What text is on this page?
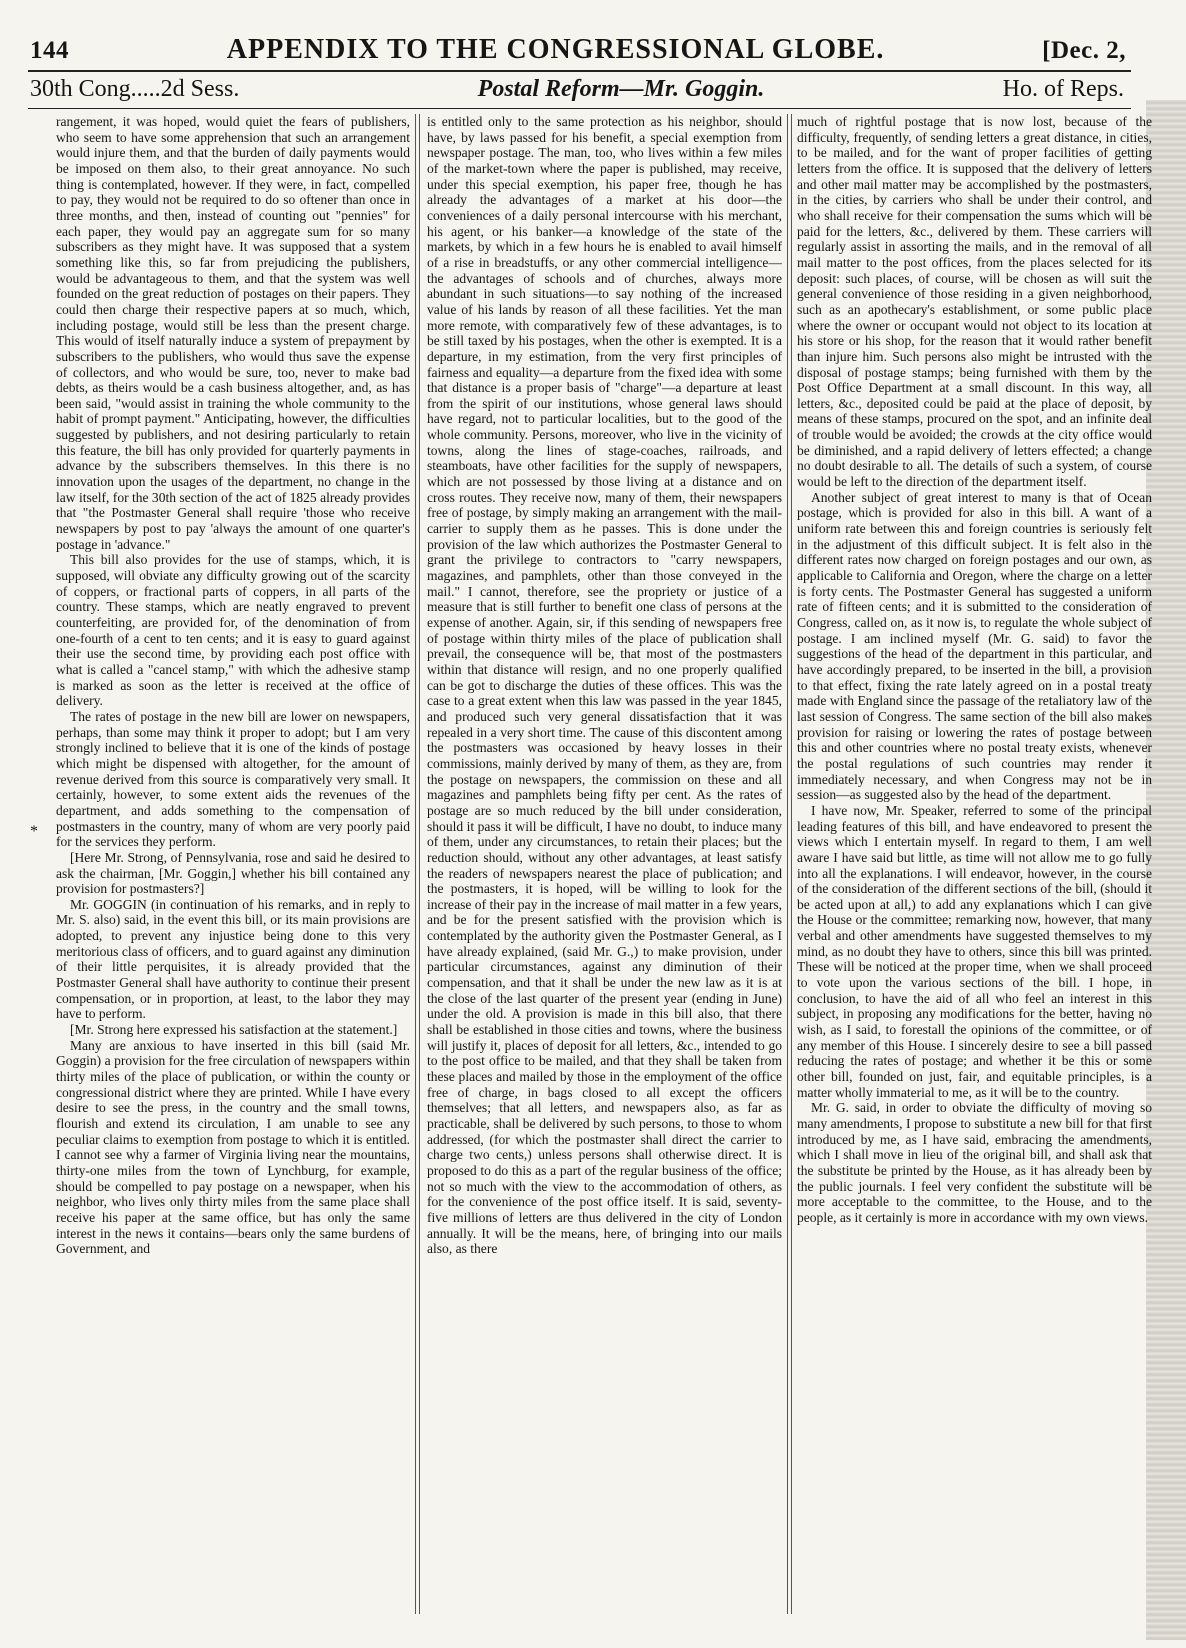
144	APPENDIX TO THE CONGRESSIONAL GLOBE.	[Dec. 2,
30th Cong.....2d Sess.	Postal Reform—Mr. Goggin.	Ho. of Reps.
*

rangement, it was hoped, would quiet the fears of publishers, who seem to have some apprehension that such an arrangement would injure them, and that the burden of daily payments would be imposed on them also, to their great annoyance. No such thing is contemplated, however. If they were, in fact, compelled to pay, they would not be required to do so oftener than once in three months, and then, instead of counting out "pennies" for each paper, they would pay an aggregate sum for so many subscribers as they might have. It was supposed that a system something like this, so far from prejudicing the publishers, would be advantageous to them, and that the system was well founded on the great reduction of postages on their papers. They could then charge their respective papers at so much, which, including postage, would still be less than the present charge. This would of itself naturally induce a system of prepayment by subscribers to the publishers, who would thus save the expense of collectors, and who would be sure, too, never to make bad debts, as theirs would be a cash business altogether, and, as has been said, "would assist in training the whole community to the habit of prompt payment." Anticipating, however, the difficulties suggested by publishers, and not desiring particularly to retain this feature, the bill has only provided for quarterly payments in advance by the subscribers themselves. In this there is no innovation upon the usages of the department, no change in the law itself, for the 30th section of the act of 1825 already provides that "the Postmaster General shall require 'those who receive newspapers by post to pay 'always the amount of one quarter's postage in 'advance."

This bill also provides for the use of stamps, which, it is supposed, will obviate any difficulty growing out of the scarcity of coppers, or fractional parts of coppers, in all parts of the country. These stamps, which are neatly engraved to prevent counterfeiting, are provided for, of the denomination of from one-fourth of a cent to ten cents; and it is easy to guard against their use the second time, by providing each post office with what is called a "cancel stamp," with which the adhesive stamp is marked as soon as the letter is received at the office of delivery.

The rates of postage in the new bill are lower on newspapers, perhaps, than some may think it proper to adopt; but I am very strongly inclined to believe that it is one of the kinds of postage which might be dispensed with altogether, for the amount of revenue derived from this source is comparatively very small. It certainly, however, to some extent aids the revenues of the department, and adds something to the compensation of postmasters in the country, many of whom are very poorly paid for the services they perform.

[Here Mr. Strong, of Pennsylvania, rose and said he desired to ask the chairman, [Mr. Goggin,] whether his bill contained any provision for postmasters?]

Mr. GOGGIN (in continuation of his remarks, and in reply to Mr. S. also) said, in the event this bill, or its main provisions are adopted, to prevent any injustice being done to this very meritorious class of officers, and to guard against any diminution of their little perquisites, it is already provided that the Postmaster General shall have authority to continue their present compensation, or in proportion, at least, to the labor they may have to perform.

[Mr. Strong here expressed his satisfaction at the statement.]

Many are anxious to have inserted in this bill (said Mr. Goggin) a provision for the free circulation of newspapers within thirty miles of the place of publication, or within the county or congressional district where they are printed. While I have every desire to see the press, in the country and the small towns, flourish and extend its circulation, I am unable to see any peculiar claims to exemption from postage to which it is entitled. I cannot see why a farmer of Virginia living near the mountains, thirty-one miles from the town of Lynchburg, for example, should be compelled to pay postage on a newspaper, when his neighbor, who lives only thirty miles from the same place shall receive his paper at the same office, but has only the same interest in the news it contains—bears only the same burdens of Government, and

is entitled only to the same protection as his neighbor, should have, by laws passed for his benefit, a special exemption from newspaper postage. The man, too, who lives within a few miles of the market-town where the paper is published, may receive, under this special exemption, his paper free, though he has already the advantages of a market at his door—the conveniences of a daily personal intercourse with his merchant, his agent, or his banker—a knowledge of the state of the markets, by which in a few hours he is enabled to avail himself of a rise in breadstuffs, or any other commercial intelligence—the advantages of schools and of churches, always more abundant in such situations—to say nothing of the increased value of his lands by reason of all these facilities. Yet the man more remote, with comparatively few of these advantages, is to be still taxed by his postages, when the other is exempted. It is a departure, in my estimation, from the very first principles of fairness and equality—a departure from the fixed idea with some that distance is a proper basis of "charge"—a departure at least from the spirit of our institutions, whose general laws should have regard, not to particular localities, but to the good of the whole community. Persons, moreover, who live in the vicinity of towns, along the lines of stage-coaches, railroads, and steamboats, have other facilities for the supply of newspapers, which are not possessed by those living at a distance and on cross routes. They receive now, many of them, their newspapers free of postage, by simply making an arrangement with the mail-carrier to supply them as he passes. This is done under the provision of the law which authorizes the Postmaster General to grant the privilege to contractors to "carry newspapers, magazines, and pamphlets, other than those conveyed in the mail." I cannot, therefore, see the propriety or justice of a measure that is still further to benefit one class of persons at the expense of another. Again, sir, if this sending of newspapers free of postage within thirty miles of the place of publication shall prevail, the consequence will be, that most of the postmasters within that distance will resign, and no one properly qualified can be got to discharge the duties of these offices. This was the case to a great extent when this law was passed in the year 1845, and produced such very general dissatisfaction that it was repealed in a very short time. The cause of this discontent among the postmasters was occasioned by heavy losses in their commissions, mainly derived by many of them, as they are, from the postage on newspapers, the commission on these and all magazines and pamphlets being fifty per cent. As the rates of postage are so much reduced by the bill under consideration, should it pass it will be difficult, I have no doubt, to induce many of them, under any circumstances, to retain their places; but the reduction should, without any other advantages, at least satisfy the readers of newspapers nearest the place of publication; and the postmasters, it is hoped, will be willing to look for the increase of their pay in the increase of mail matter in a few years, and be for the present satisfied with the provision which is contemplated by the authority given the Postmaster General, as I have already explained, (said Mr. G.,) to make provision, under particular circumstances, against any diminution of their compensation, and that it shall be under the new law as it is at the close of the last quarter of the present year (ending in June) under the old. A provision is made in this bill also, that there shall be established in those cities and towns, where the business will justify it, places of deposit for all letters, &c., intended to go to the post office to be mailed, and that they shall be taken from these places and mailed by those in the employment of the office free of charge, in bags closed to all except the officers themselves; that all letters, and newspapers also, as far as practicable, shall be delivered by such persons, to those to whom addressed, (for which the postmaster shall direct the carrier to charge two cents,) unless persons shall otherwise direct. It is proposed to do this as a part of the regular business of the office; not so much with the view to the accommodation of others, as for the convenience of the post office itself. It is said, seventy-five millions of letters are thus delivered in the city of London annually. It will be the means, here, of bringing into our mails also, as there

much of rightful postage that is now lost, because of the difficulty, frequently, of sending letters a great distance, in cities, to be mailed, and for the want of proper facilities of getting letters from the office. It is supposed that the delivery of letters and other mail matter may be accomplished by the postmasters, in the cities, by carriers who shall be under their control, and who shall receive for their compensation the sums which will be paid for the letters, &c., delivered by them. These carriers will regularly assist in assorting the mails, and in the removal of all mail matter to the post offices, from the places selected for its deposit: such places, of course, will be chosen as will suit the general convenience of those residing in a given neighborhood, such as an apothecary's establishment, or some public place where the owner or occupant would not object to its location at his store or his shop, for the reason that it would rather benefit than injure him. Such persons also might be intrusted with the disposal of postage stamps; being furnished with them by the Post Office Department at a small discount. In this way, all letters, &c., deposited could be paid at the place of deposit, by means of these stamps, procured on the spot, and an infinite deal of trouble would be avoided; the crowds at the city office would be diminished, and a rapid delivery of letters effected; a change no doubt desirable to all. The details of such a system, of course would be left to the direction of the department itself.

Another subject of great interest to many is that of Ocean postage, which is provided for also in this bill. A want of a uniform rate between this and foreign countries is seriously felt in the adjustment of this difficult subject. It is felt also in the different rates now charged on foreign postages and our own, as applicable to California and Oregon, where the charge on a letter is forty cents. The Postmaster General has suggested a uniform rate of fifteen cents; and it is submitted to the consideration of Congress, called on, as it now is, to regulate the whole subject of postage. I am inclined myself (Mr. G. said) to favor the suggestions of the head of the department in this particular, and have accordingly prepared, to be inserted in the bill, a provision to that effect, fixing the rate lately agreed on in a postal treaty made with England since the passage of the retaliatory law of the last session of Congress. The same section of the bill also makes provision for raising or lowering the rates of postage between this and other countries where no postal treaty exists, whenever the postal regulations of such countries may render it immediately necessary, and when Congress may not be in session—as suggested also by the head of the department.

I have now, Mr. Speaker, referred to some of the principal leading features of this bill, and have endeavored to present the views which I entertain myself. In regard to them, I am well aware I have said but little, as time will not allow me to go fully into all the explanations. I will endeavor, however, in the course of the consideration of the different sections of the bill, (should it be acted upon at all,) to add any explanations which I can give the House or the committee; remarking now, however, that many verbal and other amendments have suggested themselves to my mind, as no doubt they have to others, since this bill was printed. These will be noticed at the proper time, when we shall proceed to vote upon the various sections of the bill. I hope, in conclusion, to have the aid of all who feel an interest in this subject, in proposing any modifications for the better, having no wish, as I said, to forestall the opinions of the committee, or of any member of this House. I sincerely desire to see a bill passed reducing the rates of postage; and whether it be this or some other bill, founded on just, fair, and equitable principles, is a matter wholly immaterial to me, as it will be to the country.

Mr. G. said, in order to obviate the difficulty of moving so many amendments, I propose to substitute a new bill for that first introduced by me, as I have said, embracing the amendments, which I shall move in lieu of the original bill, and shall ask that the substitute be printed by the House, as it has already been by the public journals. I feel very confident the substitute will be more acceptable to the committee, to the House, and to the people, as it certainly is more in accordance with my own views.
